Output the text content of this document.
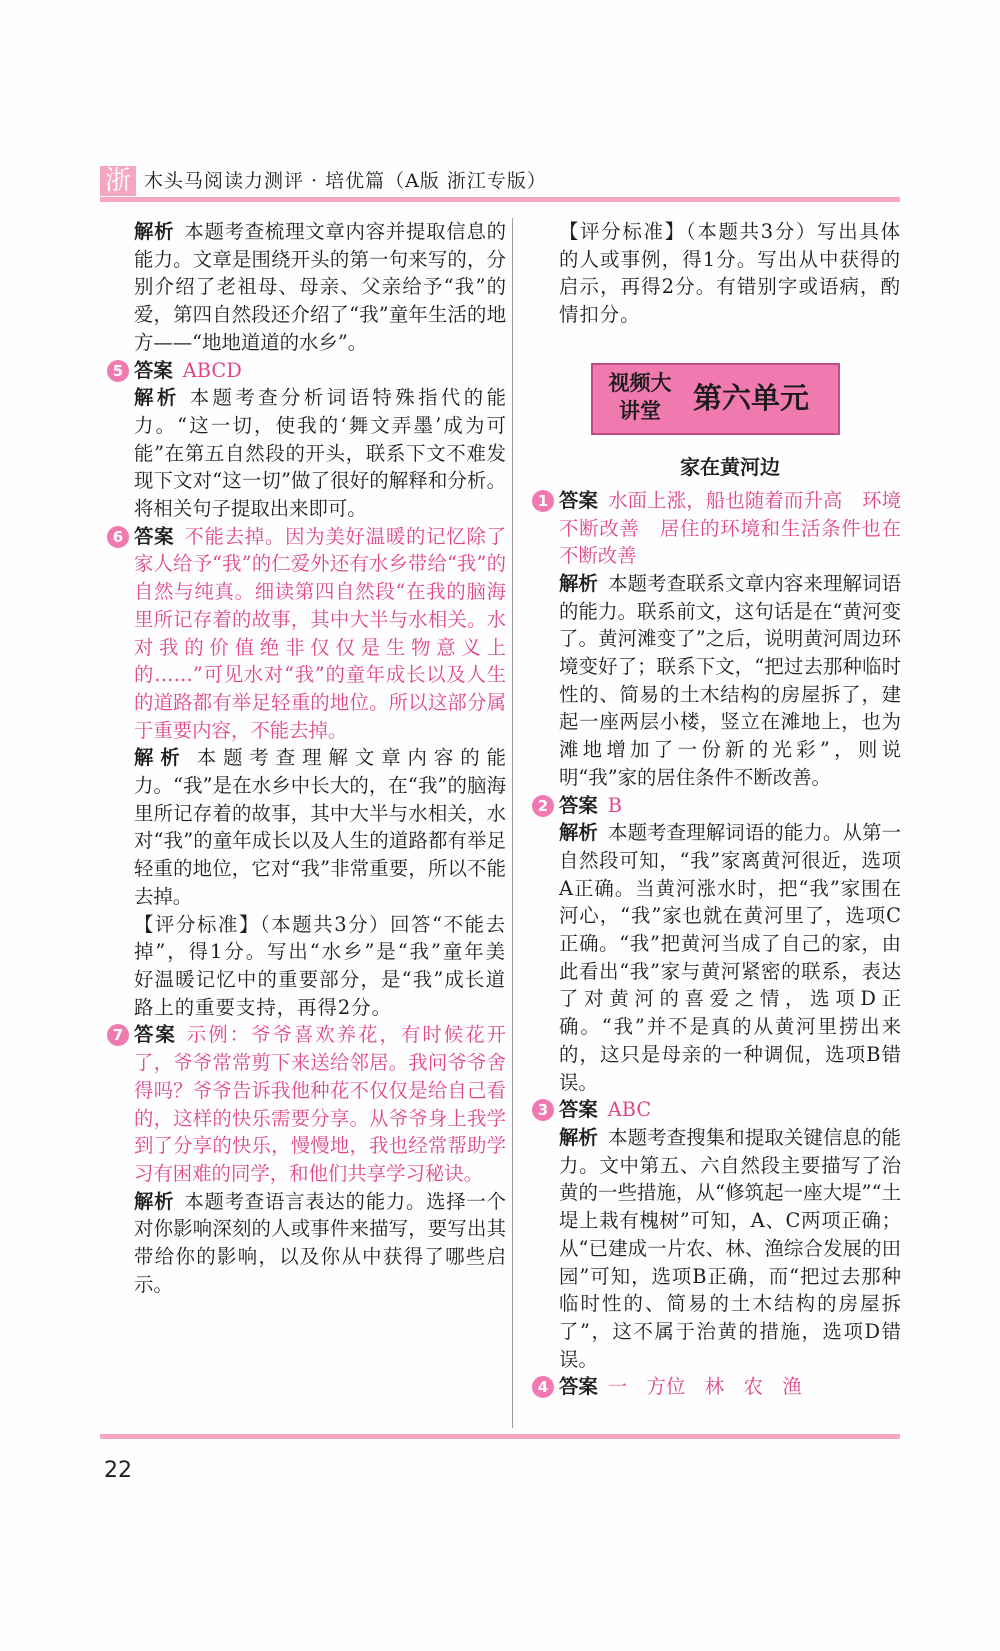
浙 木头马阅读力测评 · 培优篇（A版 浙江专版）

解析 本题考查梳理文章内容并提取信息的能力。文章是围绕开头的第一句来写的，分别介绍了老祖母、母亲、父亲给予“我”的爱，第四自然段还介绍了“我”童年生活的地方——“地地道道的水乡”。

5 答案 ABCD

解析 本题考查分析词语特殊指代的能力。“这一切，使我的‘舞文弄墨’成为可能”在第五自然段的开头，联系下文不难发现下文对“这一切”做了很好的解释和分析。将相关句子提取出来即可。

6 答案 不能去掉。因为美好温暖的记忆除了家人给予“我”的仁爱外还有水乡带给“我”的自然与纯真。细读第四自然段“在我的脑海里所记存着的故事，其中大半与水相关。水对我的价值绝非仅仅是生物意义上的……”可见水对“我”的童年成长以及人生的道路都有举足轻重的地位。所以这部分属于重要内容，不能去掉。

解析 本题考查理解文章内容的能力。“我”是在水乡中长大的，在“我”的脑海里所记存着的故事，其中大半与水相关，水对“我”的童年成长以及人生的道路都有举足轻重的地位，它对“我”非常重要，所以不能去掉。

【评分标准】（本题共3分）回答“不能去掉”，得1分。写出“水乡”是“我”童年美好温暖记忆中的重要部分，是“我”成长道路上的重要支持，再得2分。

7 答案 示例：爷爷喜欢养花，有时候花开了，爷爷常常剪下来送给邻居。我问爷爷舍得吗？爷爷告诉我他种花不仅仅是给自己看的，这样的快乐需要分享。从爷爷身上我学到了分享的快乐，慢慢地，我也经常帮助学习有困难的同学，和他们共享学习秘诀。

解析 本题考查语言表达的能力。选择一个对你影响深刻的人或事件来描写，要写出其带给你的影响，以及你从中获得了哪些启示。

【评分标准】（本题共3分）写出具体的人或事例，得1分。写出从中获得的启示，再得2分。有错别字或语病，酌情扣分。

视频大讲堂	第六单元
家在黄河边
1 答案 水面上涨，船也随着而升高　环境不断改善　居住的环境和生活条件也在不断改善

解析 本题考查联系文章内容来理解词语的能力。联系前文，这句话是在“黄河变了。黄河滩变了”之后，说明黄河周边环境变好了；联系下文，“把过去那种临时性的、简易的土木结构的房屋拆了，建起一座两层小楼，竖立在滩地上，也为滩地增加了一份新的光彩”，则说明“我”家的居住条件不断改善。

2 答案 B

解析 本题考查理解词语的能力。从第一自然段可知，“我”家离黄河很近，选项A正确。当黄河涨水时，把“我”家围在河心，“我”家也就在黄河里了，选项C正确。“我”把黄河当成了自己的家，由此看出“我”家与黄河紧密的联系，表达了对黄河的喜爱之情，选项D正确。“我”并不是真的从黄河里捞出来的，这只是母亲的一种调侃，选项B错误。

3 答案 ABC

解析 本题考查搜集和提取关键信息的能力。文中第五、六自然段主要描写了治黄的一些措施，从“修筑起一座大堤”“土堤上栽有槐树”可知，A、C两项正确；从“已建成一片农、林、渔综合发展的田园”可知，选项B正确，而“把过去那种临时性的、简易的土木结构的房屋拆了”，这不属于治黄的措施，选项D错误。

4 答案 一　方位　林　农　渔

22
